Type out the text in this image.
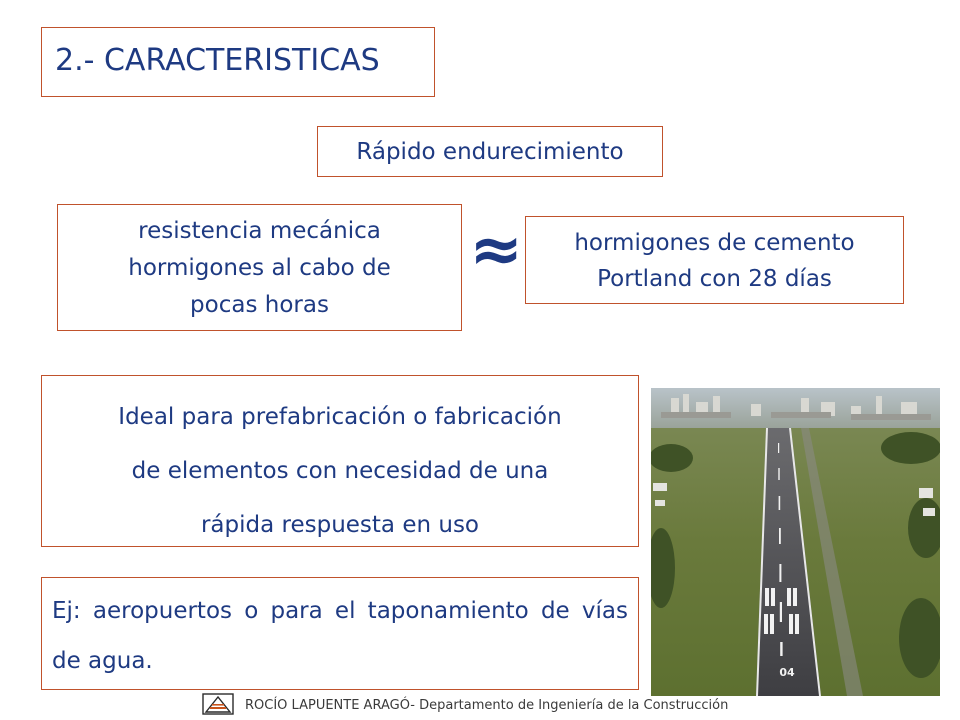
2.- CARACTERISTICAS
Rápido endurecimiento
resistencia mecánica
hormigones al cabo de
pocas horas
≈	hormigones de cemento
Portland con 28 días
Ideal para prefabricación o fabricación
de elementos con necesidad de una
rápida respuesta en uso
Ej: aeropuertos o para el taponamiento de vías de agua.	04
ROCÍO LAPUENTE ARAGÓ- Departamento de Ingeniería de la Construcción
